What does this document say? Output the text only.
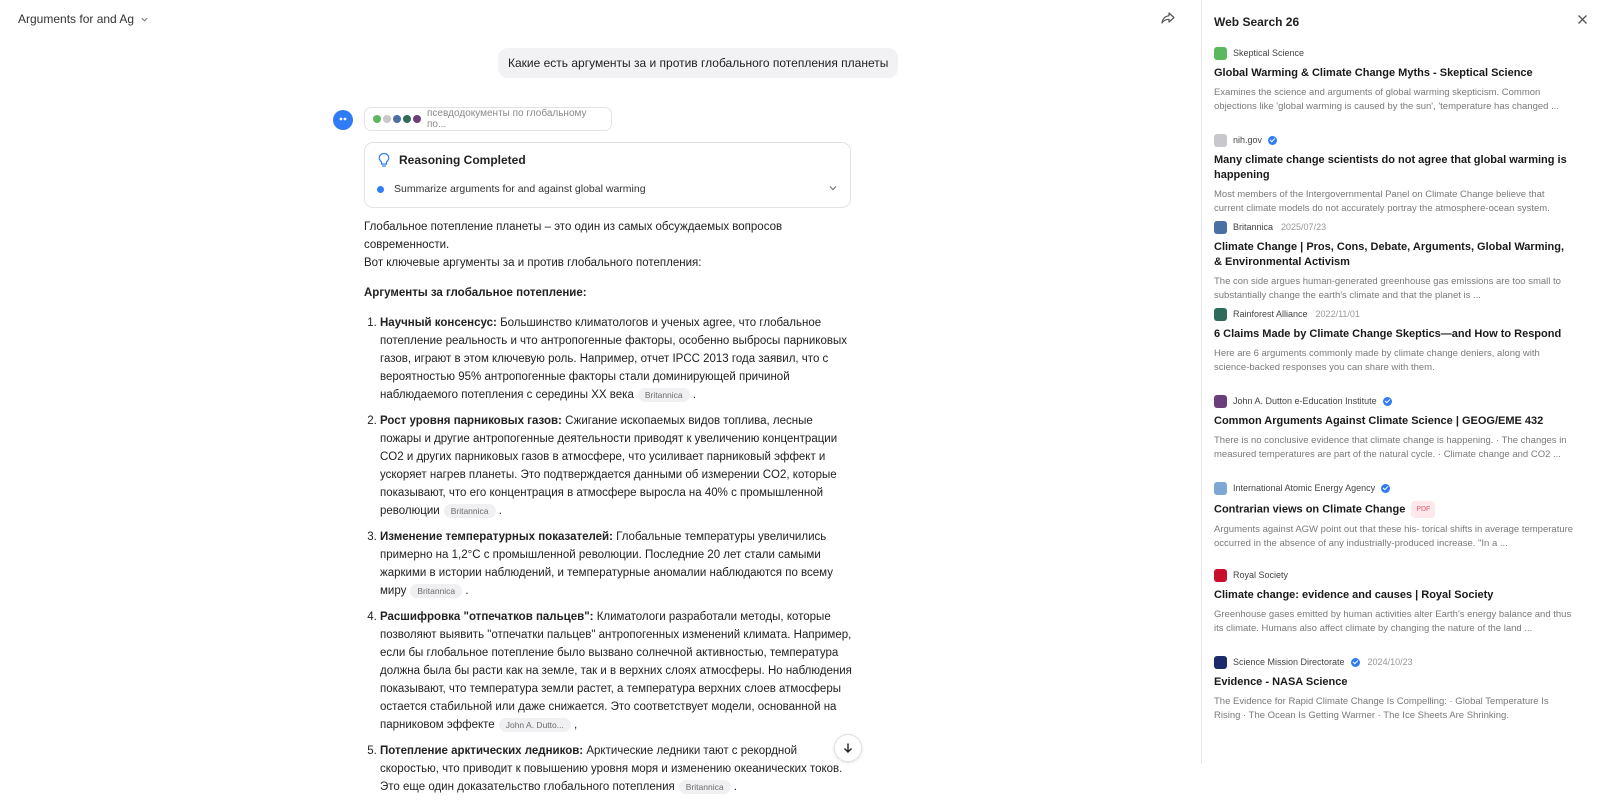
Arguments for and Ag
Какие есть аргументы за и против глобального потепления планеты
псевдодокументы по глобальному по...
Reasoning Completed
Summarize arguments for and against global warming

Глобальное потепление планеты – это один из самых обсуждаемых вопросов современности.

Вот ключевые аргументы за и против глобального потепления:

Аргументы за глобальное потепление:

1. Научный консенсус: Большинство климатологов и ученых agree, что глобальное потепление реальность и что антропогенные факторы, особенно выбросы парниковых газов, играют в этом ключевую роль. Например, отчет IPCC 2013 года заявил, что с вероятностью 95% антропогенные факторы стали доминирующей причиной наблюдаемого потепления с середины XX века Britannica .
2. Рост уровня парниковых газов: Сжигание ископаемых видов топлива, лесные пожары и другие антропогенные деятельности приводят к увеличению концентрации CO2 и других парниковых газов в атмосфере, что усиливает парниковый эффект и ускоряет нагрев планеты. Это подтверждается данными об измерении CO2, которые показывают, что его концентрация в атмосфере выросла на 40% с промышленной революции Britannica .
3. Изменение температурных показателей: Глобальные температуры увеличились примерно на 1,2°C с промышленной революции. Последние 20 лет стали самыми жаркими в истории наблюдений, и температурные аномалии наблюдаются по всему миру Britannica .
4. Расшифровка "отпечатков пальцев": Климатологи разработали методы, которые позволяют выявить "отпечатки пальцев" антропогенных изменений климата. Например, если бы глобальное потепление было вызвано солнечной активностью, температура должна была бы расти как на земле, так и в верхних слоях атмосферы. Но наблюдения показывают, что температура земли растет, а температура верхних слоев атмосферы остается стабильной или даже снижается. Это соответствует модели, основанной на парниковом эффекте John A. Dutto... ,
5. Потепление арктических ледников: Арктические ледники тают с рекордной скоростью, что приводит к повышению уровня моря и изменению океанических токов. Это еще один доказательство глобального потепления Britannica .
Web Search 26
Skeptical Science
Global Warming & Climate Change Myths - Skeptical Science
Examines the science and arguments of global warming skepticism. Common objections like 'global warming is caused by the sun', 'temperature has changed ...
nih.gov
Many climate change scientists do not agree that global warming is happening
Most members of the Intergovernmental Panel on Climate Change believe that current climate models do not accurately portray the atmosphere-ocean system.
Britannica 2025/07/23
Climate Change | Pros, Cons, Debate, Arguments, Global Warming, & Environmental Activism
The con side argues human-generated greenhouse gas emissions are too small to substantially change the earth's climate and that the planet is ...
Rainforest Alliance 2022/11/01
6 Claims Made by Climate Change Skeptics—and How to Respond
Here are 6 arguments commonly made by climate change deniers, along with science-backed responses you can share with them.
John A. Dutton e-Education Institute
Common Arguments Against Climate Science | GEOG/EME 432
There is no conclusive evidence that climate change is happening. · The changes in measured temperatures are part of the natural cycle. · Climate change and CO2 ...
International Atomic Energy Agency
Contrarian views on Climate Change PDF
Arguments against AGW point out that these his- torical shifts in average temperature occurred in the absence of any industrially-produced increase. "In a ...
Royal Society
Climate change: evidence and causes | Royal Society
Greenhouse gases emitted by human activities alter Earth's energy balance and thus its climate. Humans also affect climate by changing the nature of the land ...
Science Mission Directorate	2024/10/23
Evidence - NASA Science
The Evidence for Rapid Climate Change Is Compelling: · Global Temperature Is Rising · The Ocean Is Getting Warmer · The Ice Sheets Are Shrinking.
